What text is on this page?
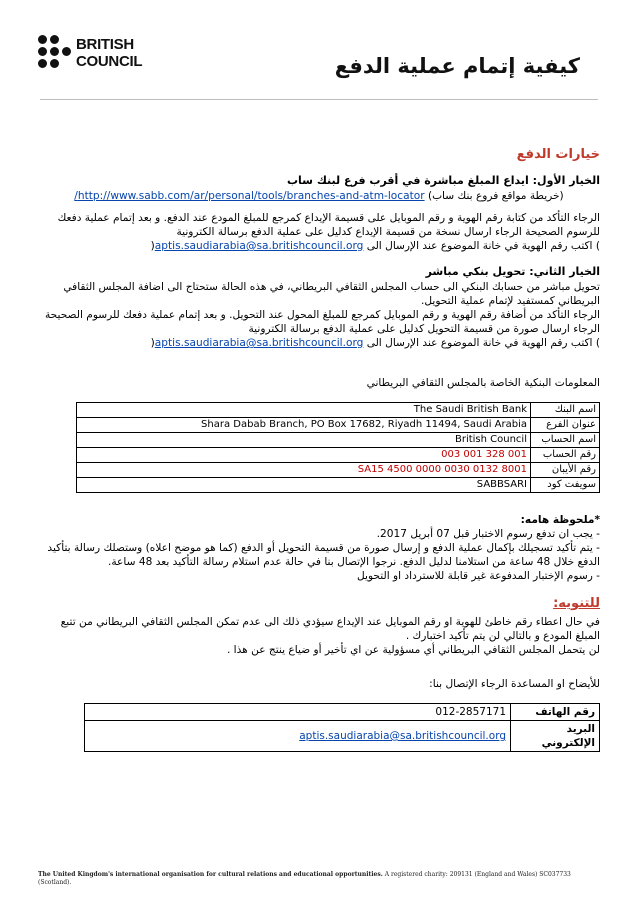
BRITISH
COUNCIL	كيفية إتمام عملية الدفع
خيارات الدفع

الخيار الأول: ايداع المبلغ مباشرة في أقرب فرع لبنك ساب

(خريطة مواقع فروع بنك ساب) http://www.sabb.com/ar/personal/tools/branches-and-atm-locator/

الرجاء التأكد من كتابة رقم الهوية و رقم الموبايل على قسيمة الإيداع كمرجع للمبلغ المودع عند الدفع. و بعد إتمام عملية دفعك للرسوم الصحيحة الرجاء ارسال نسخة من قسيمة الإيداع كدليل على عملية الدفع برسالة الكترونية

) اكتب رقم الهوية في خانة الموضوع عند الإرسال الى aptis.saudiarabia@sa.britishcouncil.org(

الخيار الثاني: تحويل بنكي مباشر

تحويل مباشر من حسابك البنكي الى حساب المجلس الثقافي البريطاني، في هذه الحالة ستحتاج الى اضافة المجلس الثقافي البريطاني كمستفيد لإتمام عملية التحويل.

الرجاء التأكد من أضافة رقم الهوية و رقم الموبايل كمرجع للمبلغ المحول عند التحويل. و بعد إتمام عملية دفعك للرسوم الصحيحة الرجاء ارسال صورة من قسيمة التحويل كدليل على عملية الدفع برسالة الكترونية

) اكتب رقم الهوية في خانة الموضوع عند الإرسال الى aptis.saudiarabia@sa.britishcouncil.org(

المعلومات البنكية الخاصة بالمجلس الثقافي البريطاني

اسم البنك	The Saudi British Bank
عنوان الفرع	Shara Dabab Branch, PO Box 17682, Riyadh 11494, Saudi Arabia
اسم الحساب	British Council
رقم الحساب	003 001 328 001
رقم الأيبان	SA15 4500 0000 0030 0132 8001
سويفت كود	SABBSARI

*ملحوظة هامه:

- يجب ان تدفع رسوم الاختبار قبل 07 أبريل 2017.

- يتم تأكيد تسجيلك بإكمال عملية الدفع و إرسال صورة من قسيمة التحويل أو الدفع (كما هو موضح اعلاه) وستصلك رسالة بتأكيد الدفع خلال 48 ساعة من استلامنا لدليل الدفع. نرجوا الإتصال بنا في حالة عدم استلام رسالة التأكيد بعد 48 ساعة.

- رسوم الإختبار المدفوعة غير قابلة للاسترداد او التحويل

للتنويه:

في حال اعطاء رقم خاطئ للهوية او رقم الموبايل عند الإيداع سيؤدي ذلك الى عدم تمكن المجلس الثقافي البريطاني من تتبع المبلغ المودع و بالتالي لن يتم تأكيد اختبارك .

لن يتحمل المجلس الثقافي البريطاني أي مسؤولية عن اي تأخير أو ضياع ينتج عن هذا .

للأيضاح او المساعدة الرجاء الإتصال بنا:

رقم الهاتف	012-2857171
البريد الإلكتروني	aptis.saudiarabia@sa.britishcouncil.org
The United Kingdom's international organisation for cultural relations and educational opportunities. A registered charity: 209131 (England and Wales) SC037733 (Scotland).
